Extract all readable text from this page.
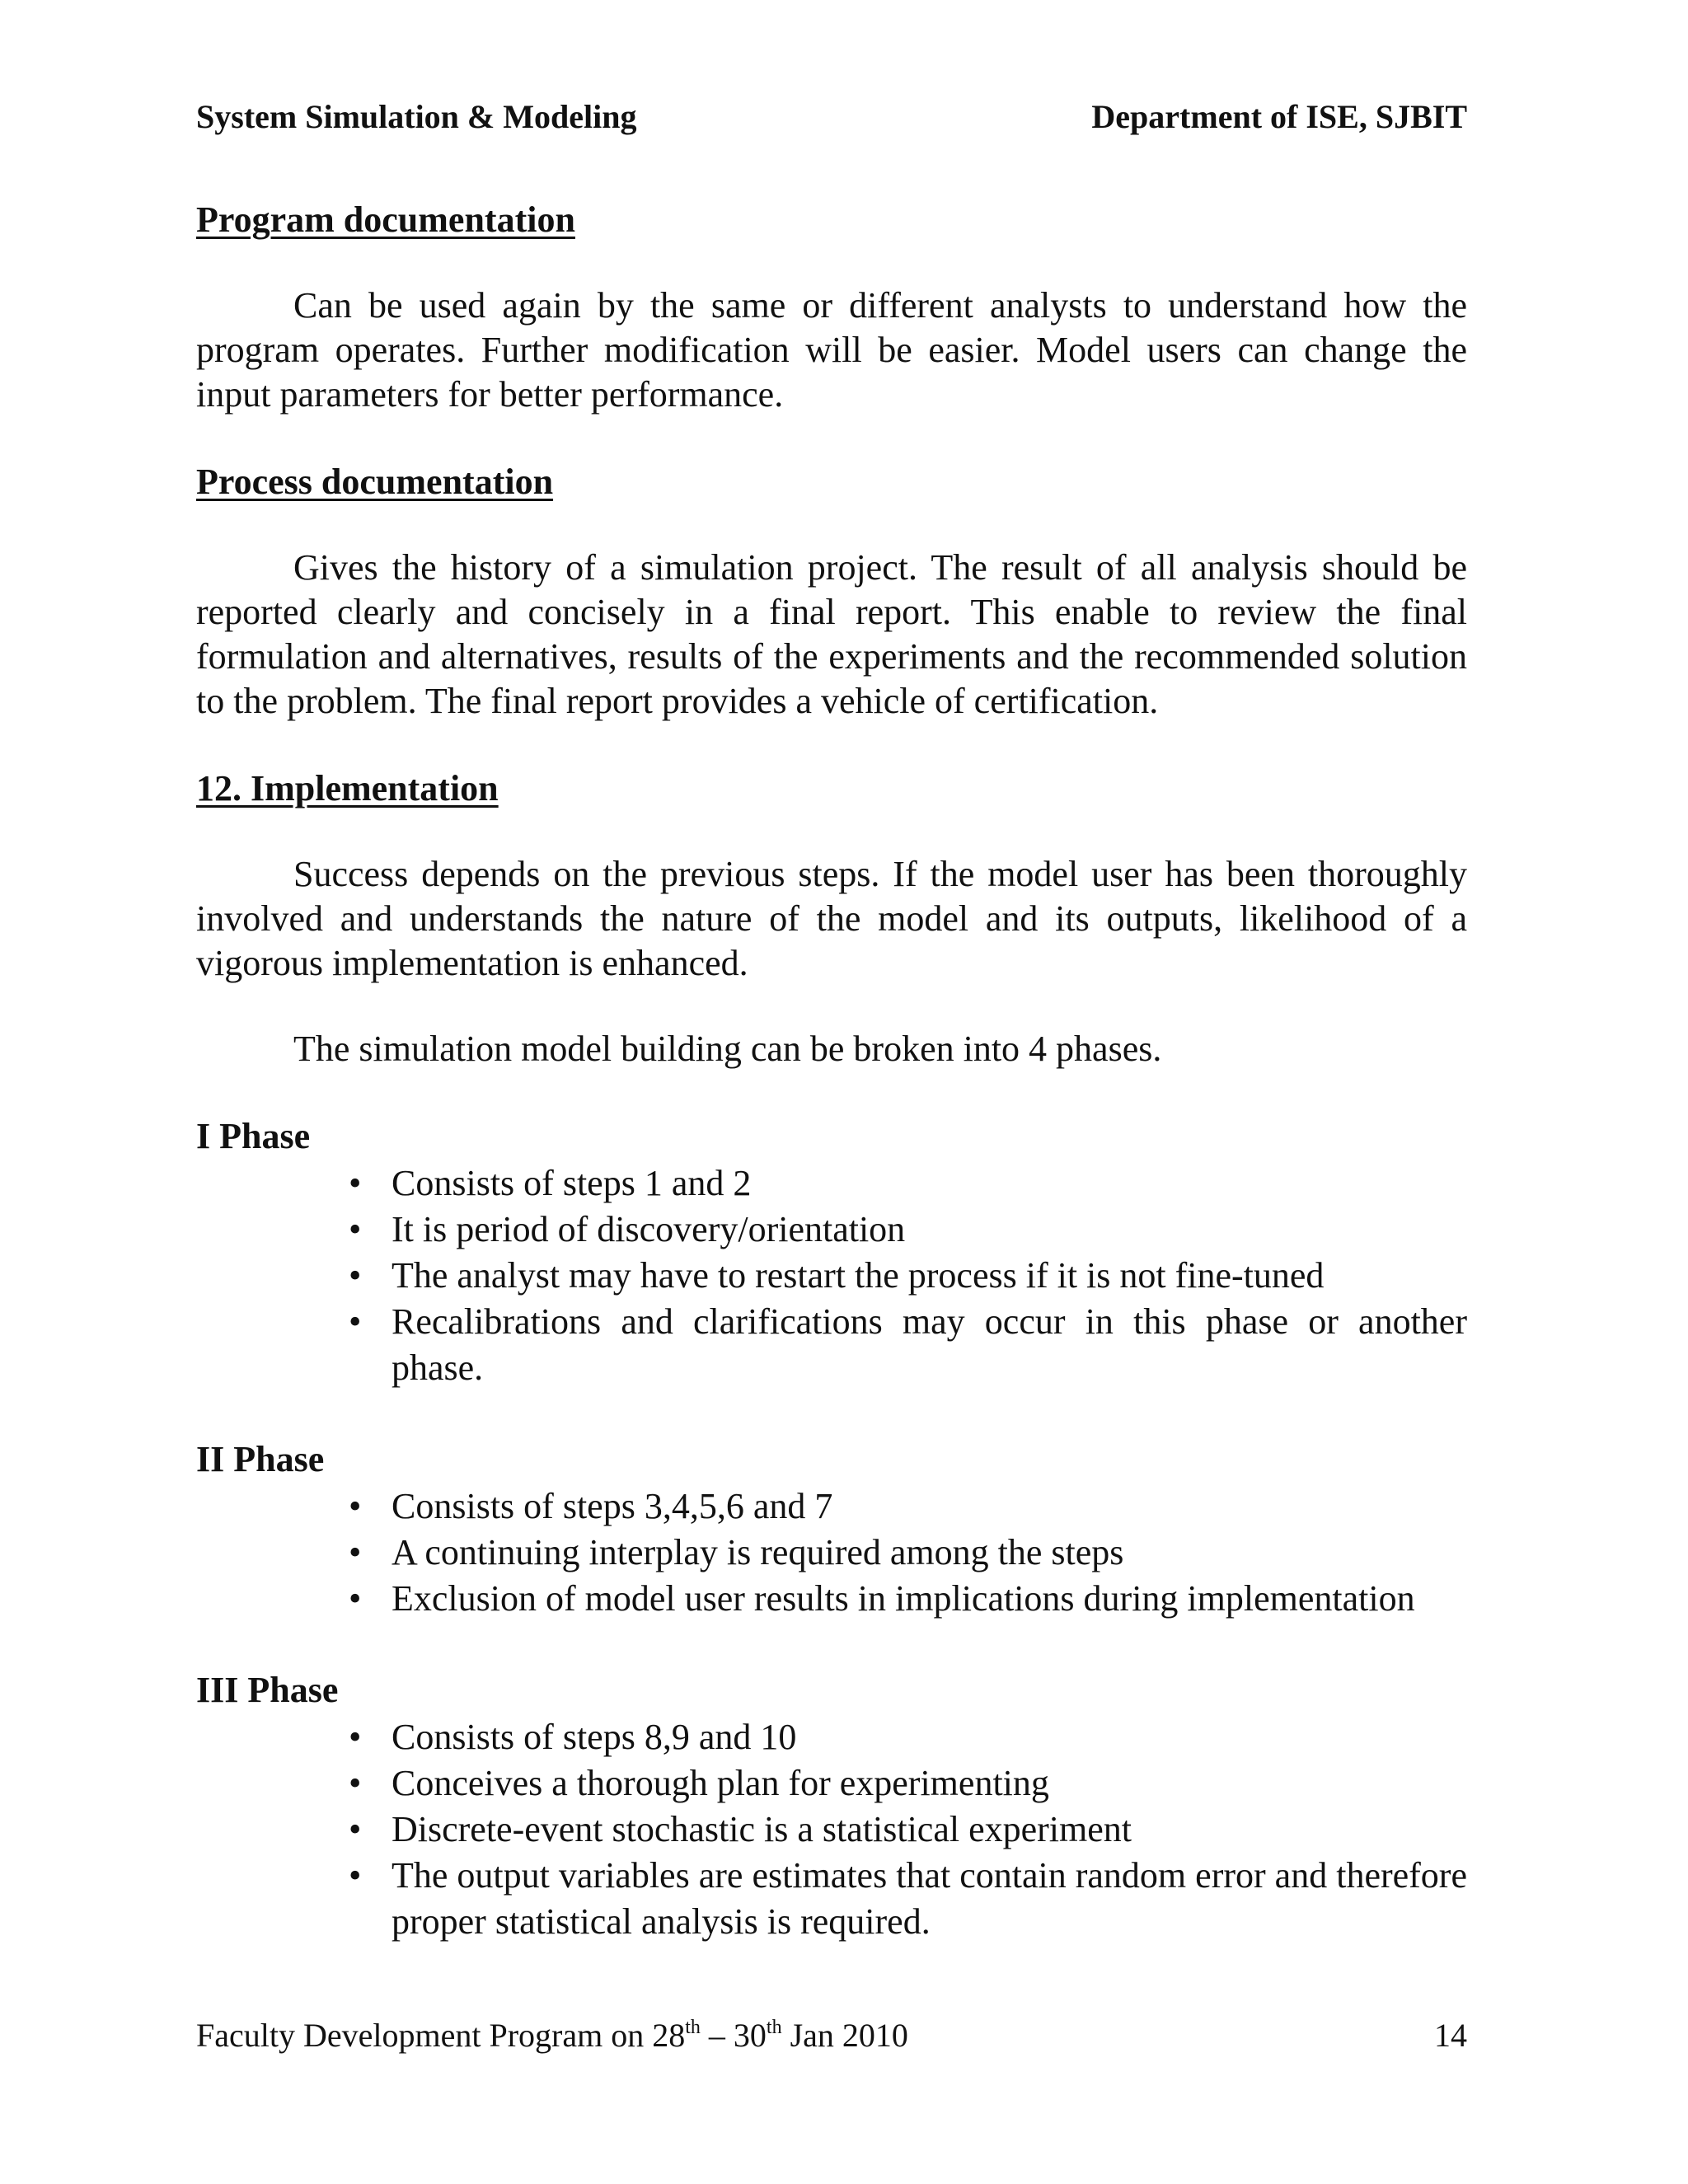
System Simulation & Modeling	Department of ISE, SJBIT
Program documentation

Can be used again by the same or different analysts to understand how the program operates. Further modification will be easier. Model users can change the input parameters for better performance.

Process documentation

Gives the history of a simulation project. The result of all analysis should be reported clearly and concisely in a final report. This enable to review the final formulation and alternatives, results of the experiments and the recommended solution to the problem. The final report provides a vehicle of certification.

12. Implementation

Success depends on the previous steps. If the model user has been thoroughly involved and understands the nature of the model and its outputs, likelihood of a vigorous implementation is enhanced.

The simulation model building can be broken into 4 phases.

I Phase
• Consists of steps 1 and 2
• It is period of discovery/orientation
• The analyst may have to restart the process if it is not fine-tuned
• Recalibrations and clarifications may occur in this phase or another phase.
II Phase
• Consists of steps 3,4,5,6 and 7
• A continuing interplay is required among the steps
• Exclusion of model user results in implications during implementation
III Phase
• Consists of steps 8,9 and 10
• Conceives a thorough plan for experimenting
• Discrete-event stochastic is a statistical experiment
• The output variables are estimates that contain random error and therefore proper statistical analysis is required.
Faculty Development Program on 28th – 30th Jan 2010	14
